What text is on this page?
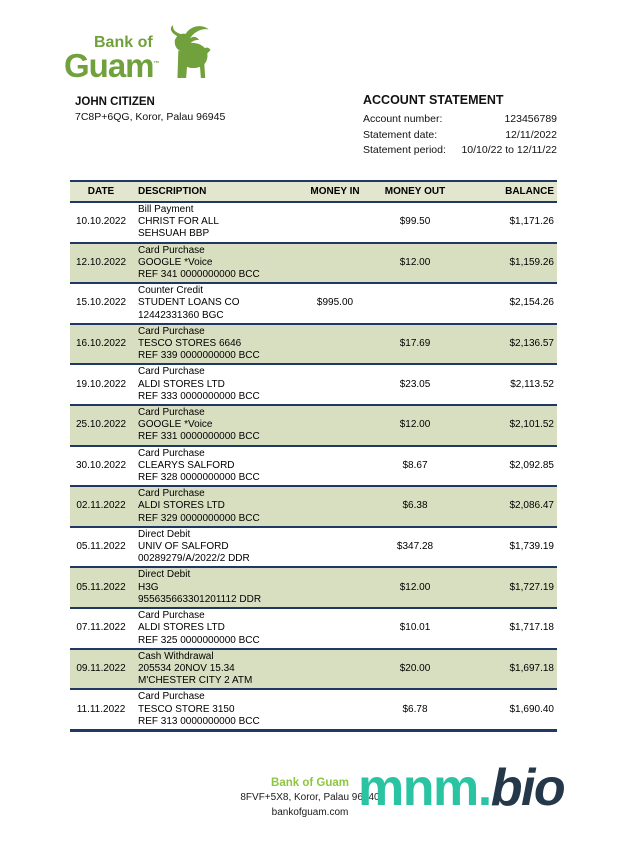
Bank of
Guam™
JOHN CITIZEN
7C8P+6QG, Koror, Palau 96945
ACCOUNT STATEMENT
Account number:	123456789
Statement date:	12/11/2022
Statement period: 10/10/22 to 12/11/22
DATE	DESCRIPTION	MONEY IN	MONEY OUT	BALANCE
10.10.2022	Bill Payment
CHRIST FOR ALL
SEHSUAH BBP		$99.50	$1,171.26
12.10.2022	Card Purchase
GOOGLE *Voice
REF 341 0000000000 BCC		$12.00	$1,159.26
15.10.2022	Counter Credit
STUDENT LOANS CO
12442331360 BGC	$995.00		$2,154.26
16.10.2022	Card Purchase
TESCO STORES 6646
REF 339 0000000000 BCC		$17.69	$2,136.57
19.10.2022	Card Purchase
ALDI STORES LTD
REF 333 0000000000 BCC		$23.05	$2,113.52
25.10.2022	Card Purchase
GOOGLE *Voice
REF 331 0000000000 BCC		$12.00	$2,101.52
30.10.2022	Card Purchase
CLEARYS SALFORD
REF 328 0000000000 BCC		$8.67	$2,092.85
02.11.2022	Card Purchase
ALDI STORES LTD
REF 329 0000000000 BCC		$6.38	$2,086.47
05.11.2022	Direct Debit
UNIV OF SALFORD
00289279/A/2022/2 DDR		$347.28	$1,739.19
05.11.2022	Direct Debit
H3G
955635663301201112 DDR		$12.00	$1,727.19
07.11.2022	Card Purchase
ALDI STORES LTD
REF 325 0000000000 BCC		$10.01	$1,717.18
09.11.2022	Cash Withdrawal
205534 20NOV 15.34
M'CHESTER CITY 2 ATM		$20.00	$1,697.18
11.11.2022	Card Purchase
TESCO STORE 3150
REF 313 0000000000 BCC		$6.78	$1,690.40
Bank of Guam
8FVF+5X8, Koror, Palau 96940
bankofguam.com mnm.bio
